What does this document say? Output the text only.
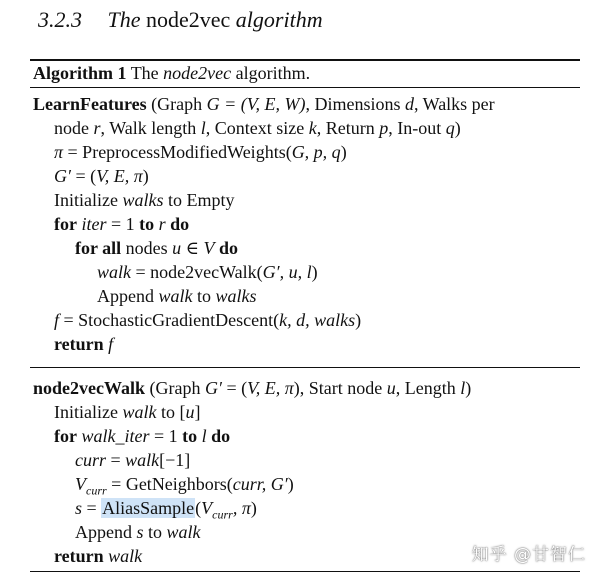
3.2.3 The node2vec algorithm
Algorithm 1 The node2vec algorithm.
LearnFeatures (Graph G = (V, E, W), Dimensions d, Walks per
node r, Walk length l, Context size k, Return p, In-out q)
π = PreprocessModifiedWeights(G, p, q)
G′ = (V, E, π)
Initialize walks to Empty
for iter = 1 to r do
for all nodes u ∈ V do
walk = node2vecWalk(G′, u, l)
Append walk to walks
f = StochasticGradientDescent(k, d, walks)
return f
node2vecWalk (Graph G′ = (V, E, π), Start node u, Length l)
Initialize walk to [u]
for walk_iter = 1 to l do
curr = walk[−1]
$V_{curr}$ = GetNeighbors(curr, G′)
$s = AliasSample(V_{curr}$, π)
Append s to walk
return walk	知乎 @甘智仁
